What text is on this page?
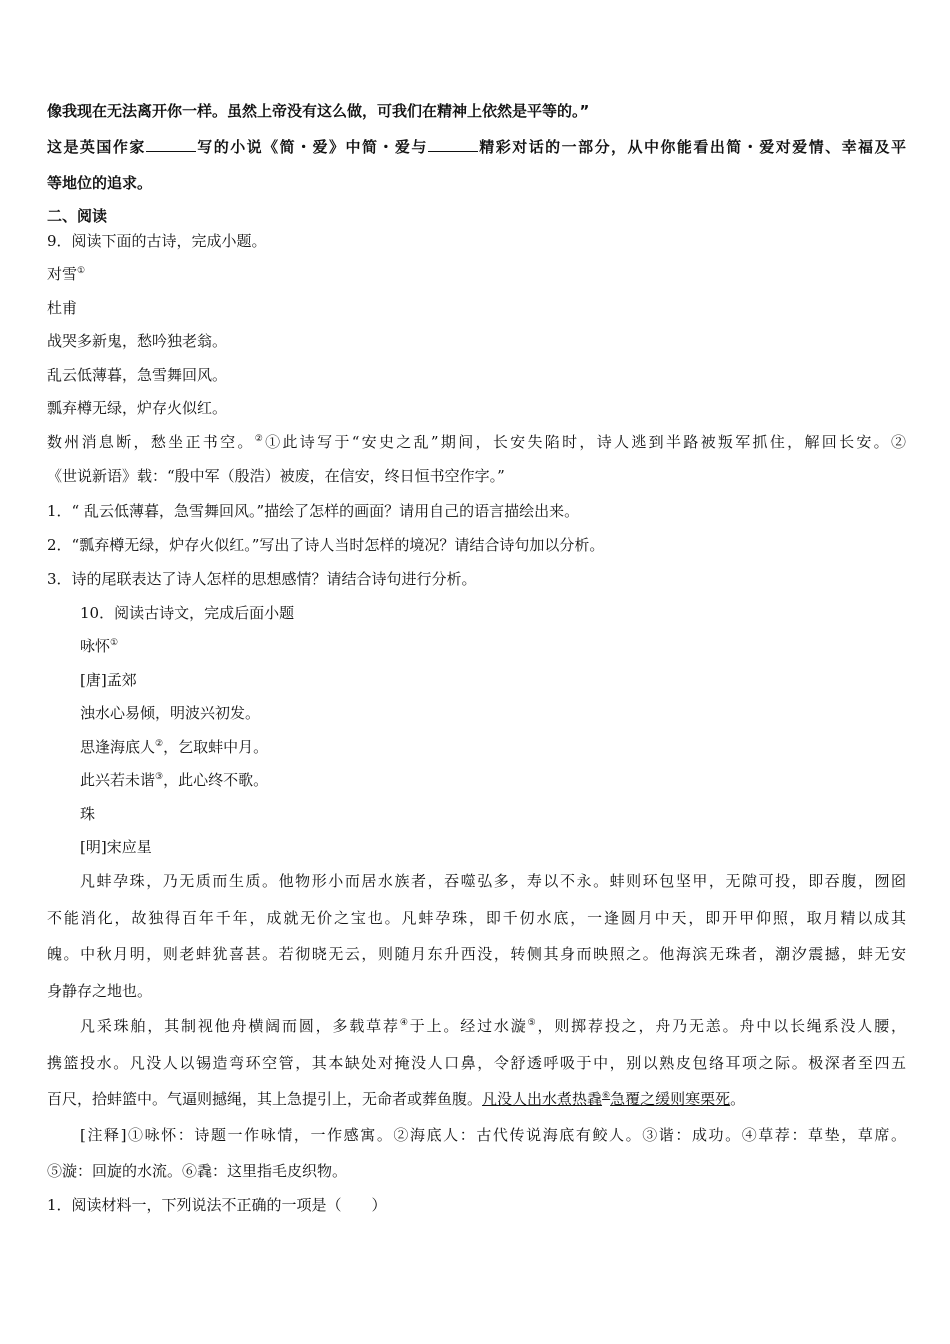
像我现在无法离开你一样。虽然上帝没有这么做，可我们在精神上依然是平等的。”
这是英国作家	写的小说《简・爱》中简・爱与	精彩对话的一部分，从中你能看出简・爱对爱情、幸福及平
等地位的追求。
二、阅读
9．阅读下面的古诗，完成小题。
对雪①
杜甫
战哭多新鬼，愁吟独老翁。
乱云低薄暮，急雪舞回风。
瓢弃樽无绿，炉存火似红。
数州消息断，愁坐正书空。②①此诗写于“安史之乱”期间，长安失陷时，诗人逃到半路被叛军抓住，解回长安。②
《世说新语》载：“殷中军（殷浩）被废，在信安，终日恒书空作字。”
1．“ 乱云低薄暮，急雪舞回风。”描绘了怎样的画面？请用自己的语言描绘出来。
2．“瓢弃樽无绿，炉存火似红。”写出了诗人当时怎样的境况？请结合诗句加以分析。
3．诗的尾联表达了诗人怎样的思想感情？请结合诗句进行分析。
10．阅读古诗文，完成后面小题
咏怀①
[唐]孟郊
浊水心易倾，明波兴初发。
思逢海底人②，乞取蚌中月。
此兴若未谐③，此心终不歌。
珠
[明]宋应星
凡蚌孕珠，乃无质而生质。他物形小而居水族者，吞噬弘多，寿以不永。蚌则环包坚甲，无隙可投，即吞腹，囫囵
不能消化，故独得百年千年，成就无价之宝也。凡蚌孕珠，即千仞水底，一逢圆月中天，即开甲仰照，取月精以成其
魄。中秋月明，则老蚌犹喜甚。若彻晓无云，则随月东升西没，转侧其身而映照之。他海滨无珠者，潮汐震撼，蚌无安
身静存之地也。
凡采珠舶，其制视他舟横阔而圆，多载草荐④于上。经过水漩⑤，则掷荐投之，舟乃无恙。舟中以长绳系没人腰，
携篮投水。凡没人以锡造弯环空管，其本缺处对掩没人口鼻，令舒透呼吸于中，别以熟皮包络耳项之际。极深者至四五
百尺，拾蚌篮中。气逼则撼绳，其上急提引上，无命者或葬鱼腹。凡没人出水煮热毳⑥急覆之缓则寒栗死。
[注释]①咏怀：诗题一作咏情，一作感寓。②海底人：古代传说海底有鲛人。③谐：成功。④草荐：草垫，草席。
⑤漩：回旋的水流。⑥毳：这里指毛皮织物。
1．阅读材料一，下列说法不正确的一项是（　　）
